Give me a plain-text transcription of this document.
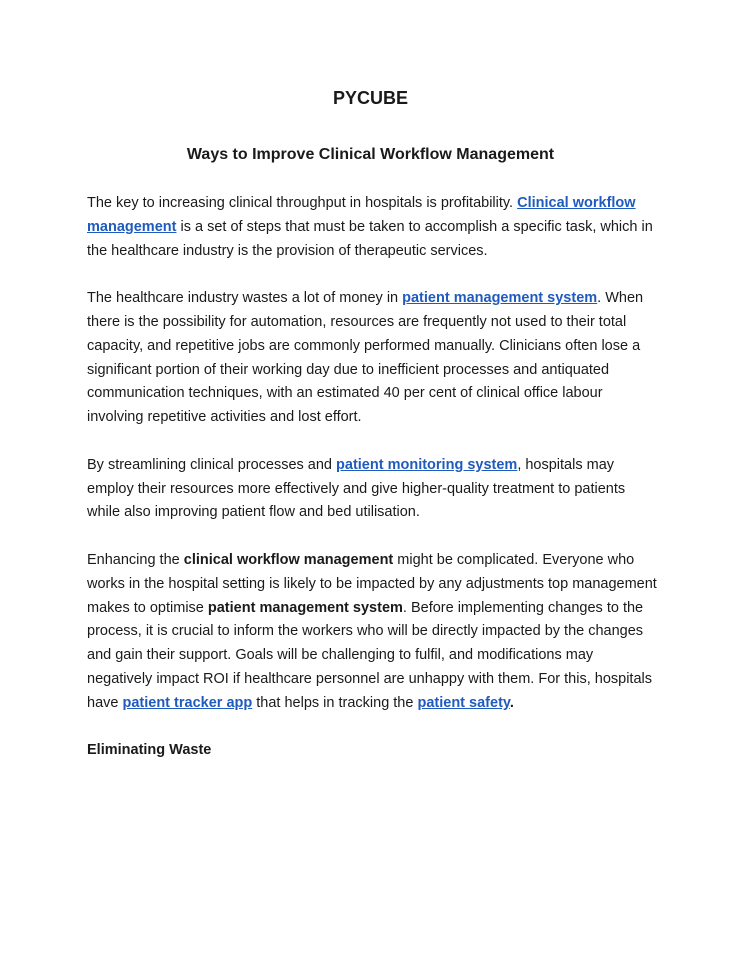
PYCUBE
Ways to Improve Clinical Workflow Management

The key to increasing clinical throughput in hospitals is profitability. Clinical workflow management is a set of steps that must be taken to accomplish a specific task, which in the healthcare industry is the provision of therapeutic services.

The healthcare industry wastes a lot of money in patient management system. When there is the possibility for automation, resources are frequently not used to their total capacity, and repetitive jobs are commonly performed manually. Clinicians often lose a significant portion of their working day due to inefficient processes and antiquated communication techniques, with an estimated 40 per cent of clinical office labour involving repetitive activities and lost effort.

By streamlining clinical processes and patient monitoring system, hospitals may employ their resources more effectively and give higher-quality treatment to patients while also improving patient flow and bed utilisation.

Enhancing the clinical workflow management might be complicated. Everyone who works in the hospital setting is likely to be impacted by any adjustments top management makes to optimise patient management system. Before implementing changes to the process, it is crucial to inform the workers who will be directly impacted by the changes and gain their support. Goals will be challenging to fulfil, and modifications may negatively impact ROI if healthcare personnel are unhappy with them. For this, hospitals have patient tracker app that helps in tracking the patient safety.

Eliminating Waste
